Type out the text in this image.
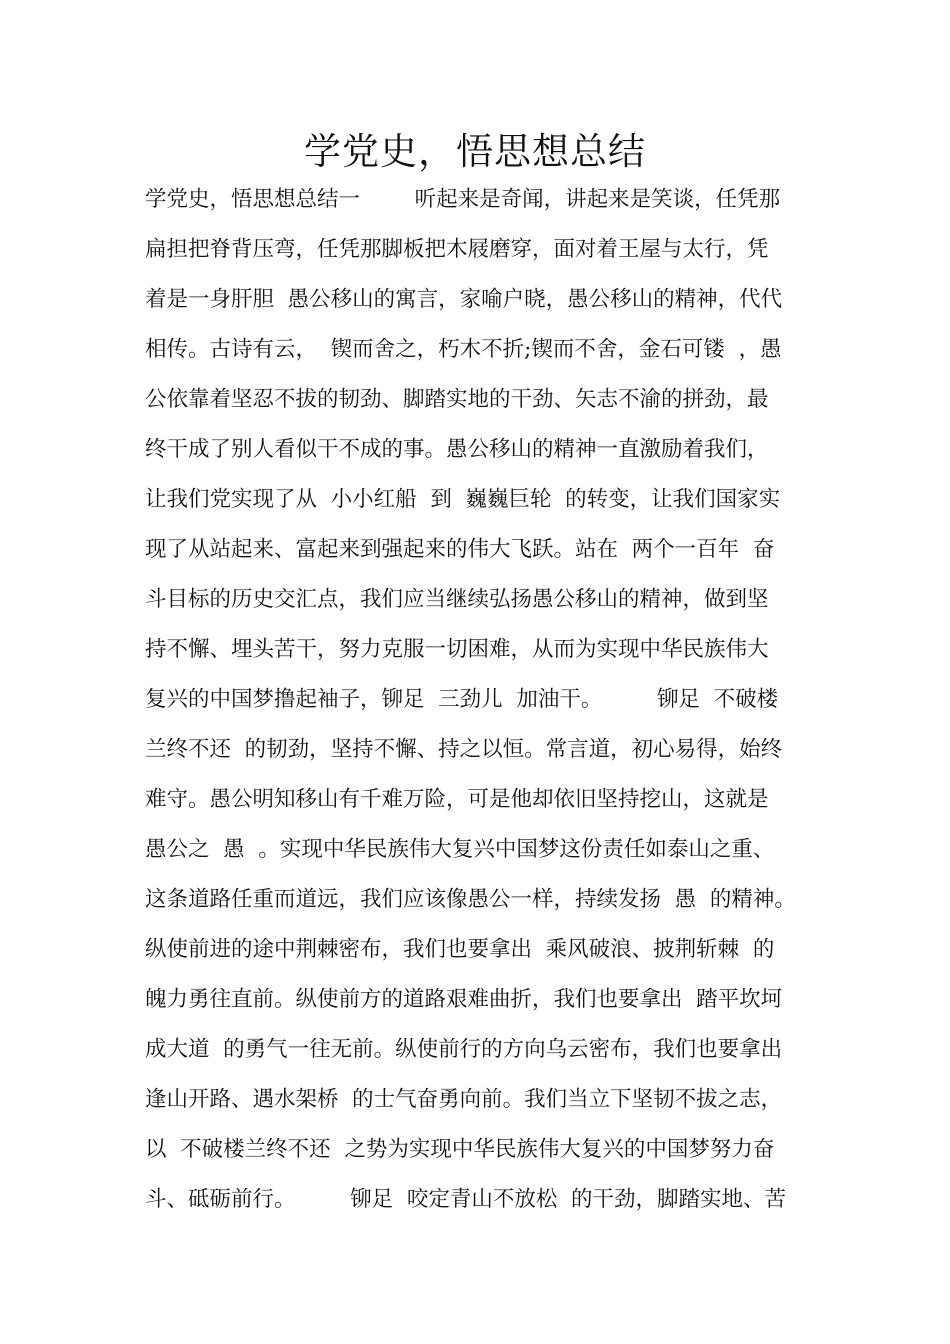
学党史，悟思想总结
学党史，悟思想总结一        听起来是奇闻，讲起来是笑谈，任凭那
扁担把脊背压弯，任凭那脚板把木屐磨穿，面对着王屋与太行，凭
着是一身肝胆  愚公移山的寓言，家喻户晓，愚公移山的精神，代代
相传。古诗有云，  锲而舍之，朽木不折;锲而不舍，金石可镂  ，愚
公依靠着坚忍不拔的韧劲、脚踏实地的干劲、矢志不渝的拼劲，最
终干成了别人看似干不成的事。愚公移山的精神一直激励着我们，
让我们党实现了从  小小红船  到  巍巍巨轮  的转变，让我们国家实
现了从站起来、富起来到强起来的伟大飞跃。站在  两个一百年  奋
斗目标的历史交汇点，我们应当继续弘扬愚公移山的精神，做到坚
持不懈、埋头苦干，努力克服一切困难，从而为实现中华民族伟大
复兴的中国梦撸起袖子，铆足  三劲儿  加油干。        铆足  不破楼
兰终不还  的韧劲，坚持不懈、持之以恒。常言道，初心易得，始终
难守。愚公明知移山有千难万险，可是他却依旧坚持挖山，这就是
愚公之  愚  。实现中华民族伟大复兴中国梦这份责任如泰山之重、
这条道路任重而道远，我们应该像愚公一样，持续发扬  愚  的精神。
纵使前进的途中荆棘密布，我们也要拿出  乘风破浪、披荆斩棘  的
魄力勇往直前。纵使前方的道路艰难曲折，我们也要拿出  踏平坎坷
成大道  的勇气一往无前。纵使前行的方向乌云密布，我们也要拿出
逢山开路、遇水架桥  的士气奋勇向前。我们当立下坚韧不拔之志，
以  不破楼兰终不还  之势为实现中华民族伟大复兴的中国梦努力奋
斗、砥砺前行。        铆足  咬定青山不放松  的干劲，脚踏实地、苦
